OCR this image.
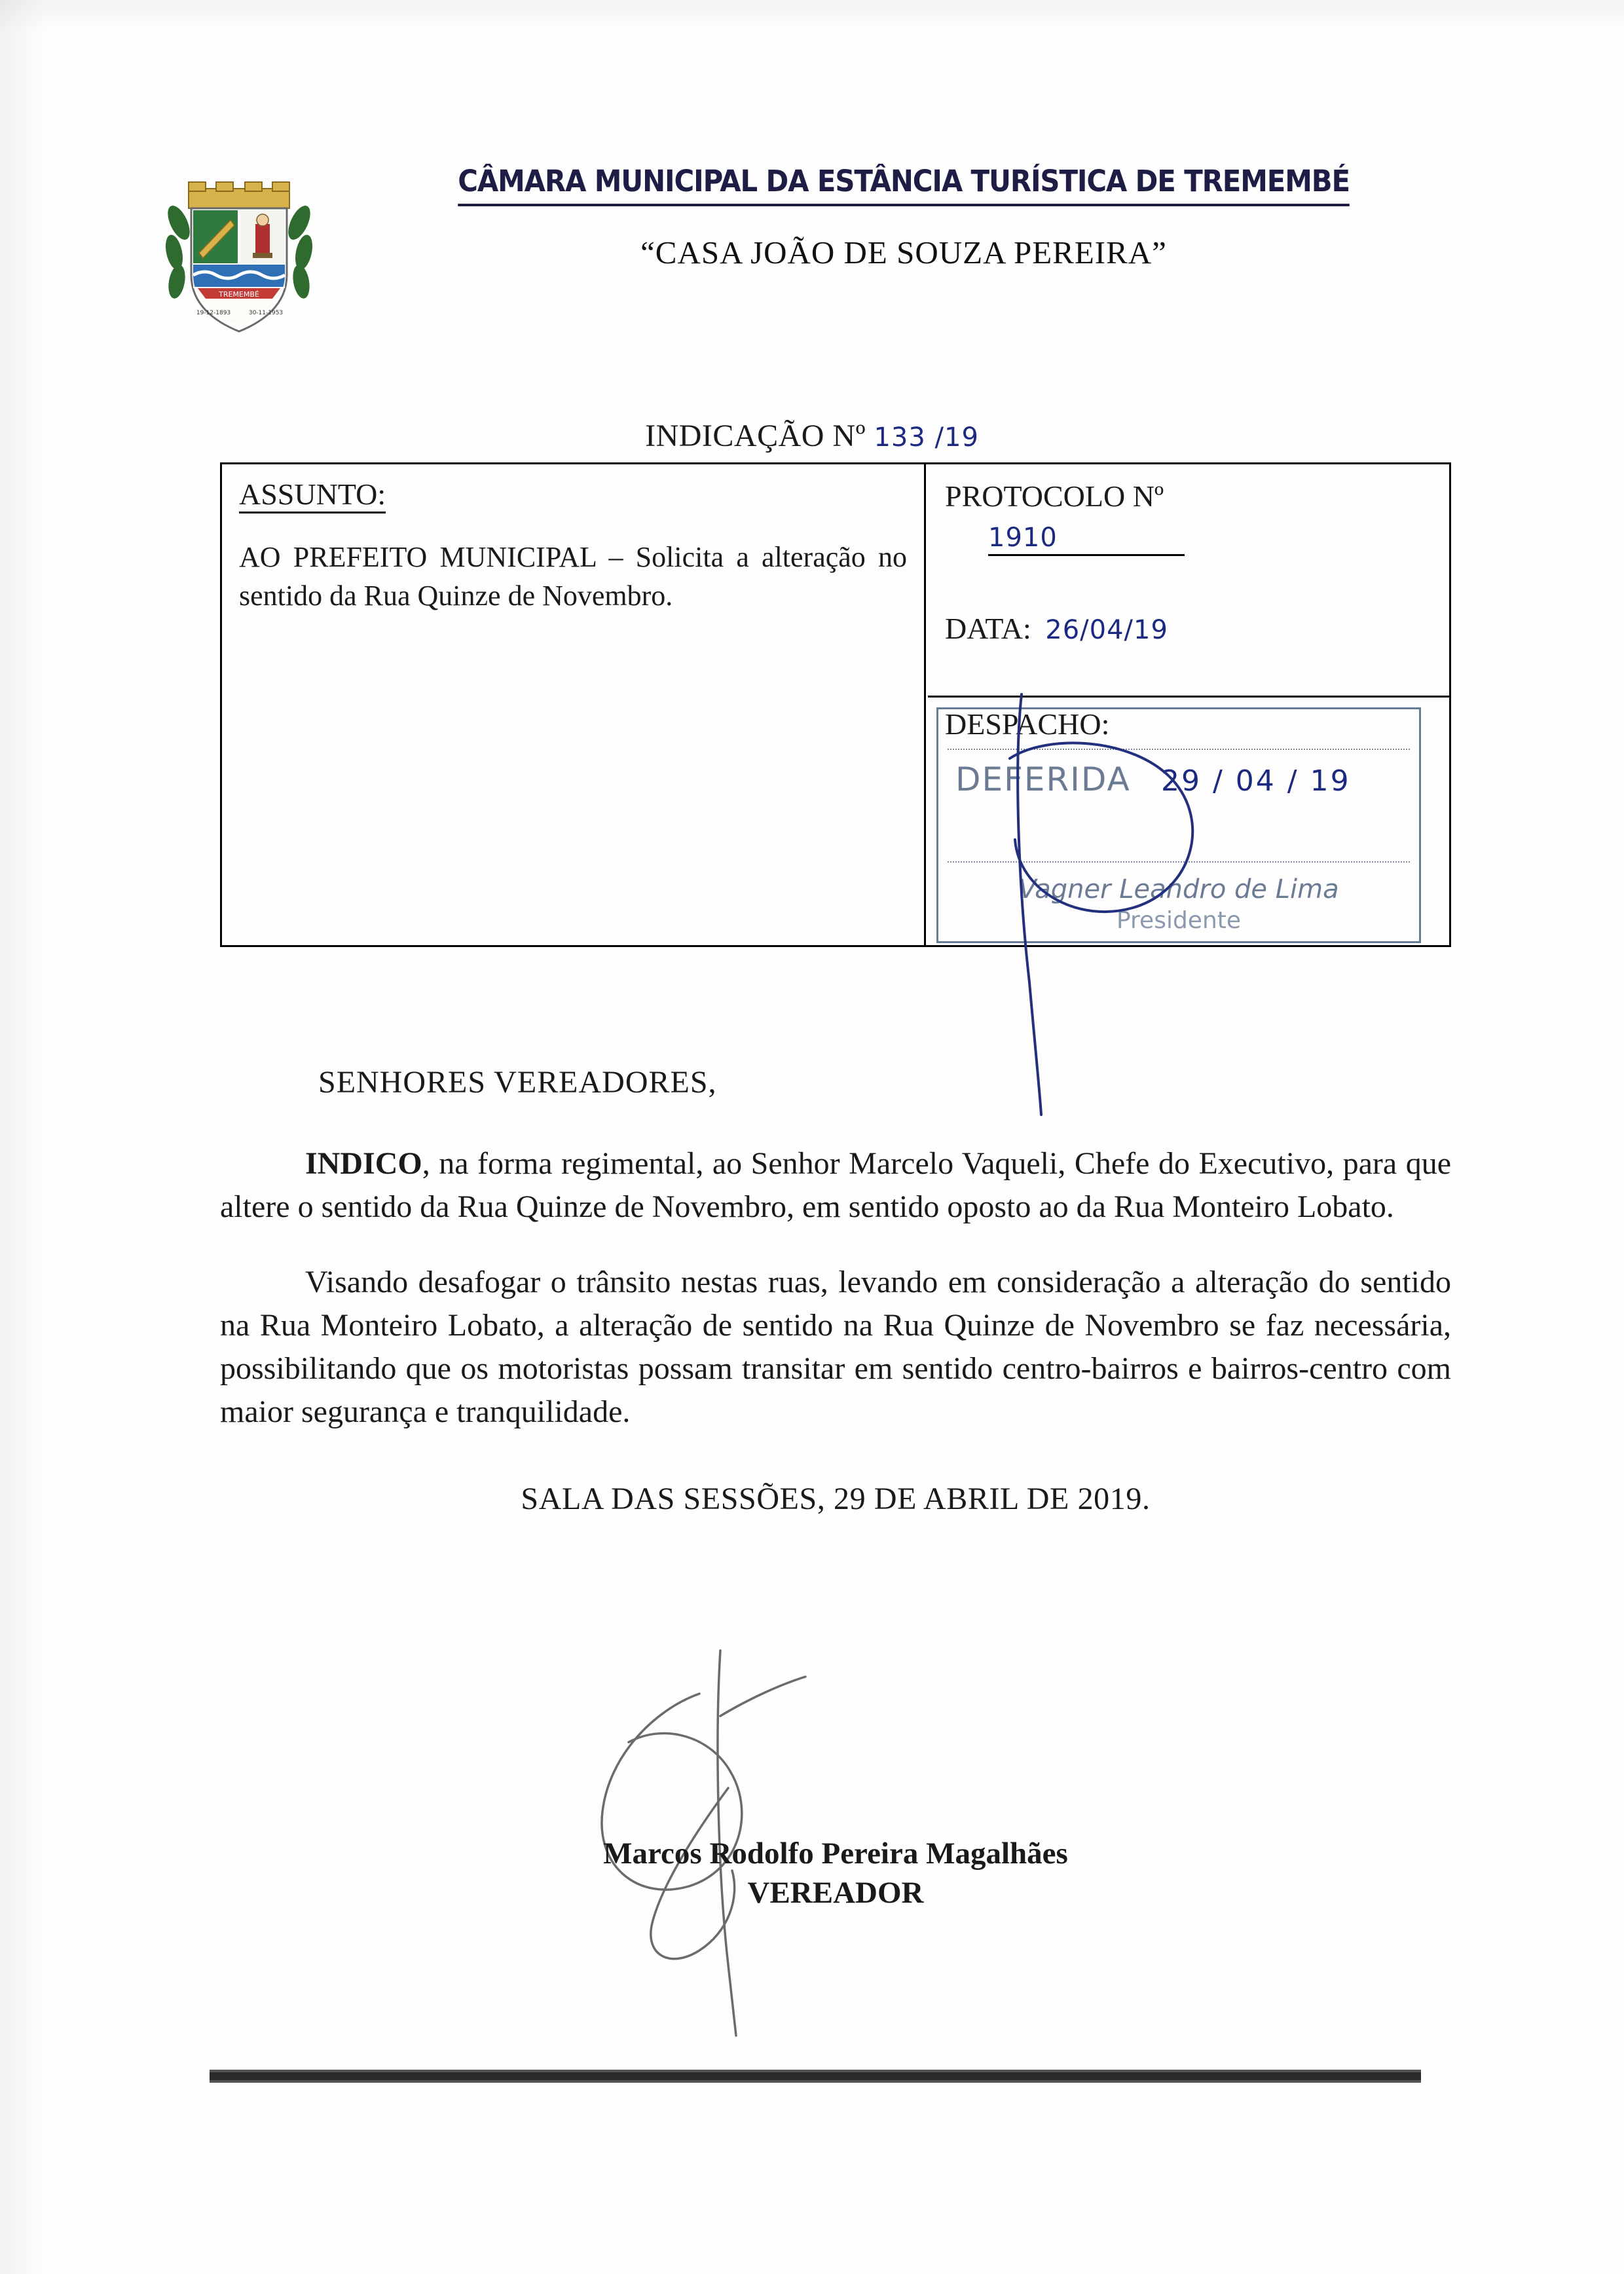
TREMEMBÉ
19-12-1893	30-11-1953
CÂMARA MUNICIPAL DA ESTÂNCIA TURÍSTICA DE TREMEMBÉ
“CASA JOÃO DE SOUZA PEREIRA”
INDICAÇÃO Nº 133 /19
ASSUNTO:
AO PREFEITO MUNICIPAL – Solicita a alteração no sentido da Rua Quinze de Novembro.
PROTOCOLO Nº
1910
DATA: 26/04/19
DESPACHO:
DEFERIDA 29 / 04 / 19
Vagner Leandro de Lima
Presidente
SENHORES VEREADORES,

INDICO, na forma regimental, ao Senhor Marcelo Vaqueli, Chefe do Executivo, para que altere o sentido da Rua Quinze de Novembro, em sentido oposto ao da Rua Monteiro Lobato.

Visando desafogar o trânsito nestas ruas, levando em consideração a alteração do sentido na Rua Monteiro Lobato, a alteração de sentido na Rua Quinze de Novembro se faz necessária, possibilitando que os motoristas possam transitar em sentido centro-bairros e bairros-centro com maior segurança e tranquilidade.

SALA DAS SESSÕES, 29 DE ABRIL DE 2019.
Marcos Rodolfo Pereira Magalhães
VEREADOR
